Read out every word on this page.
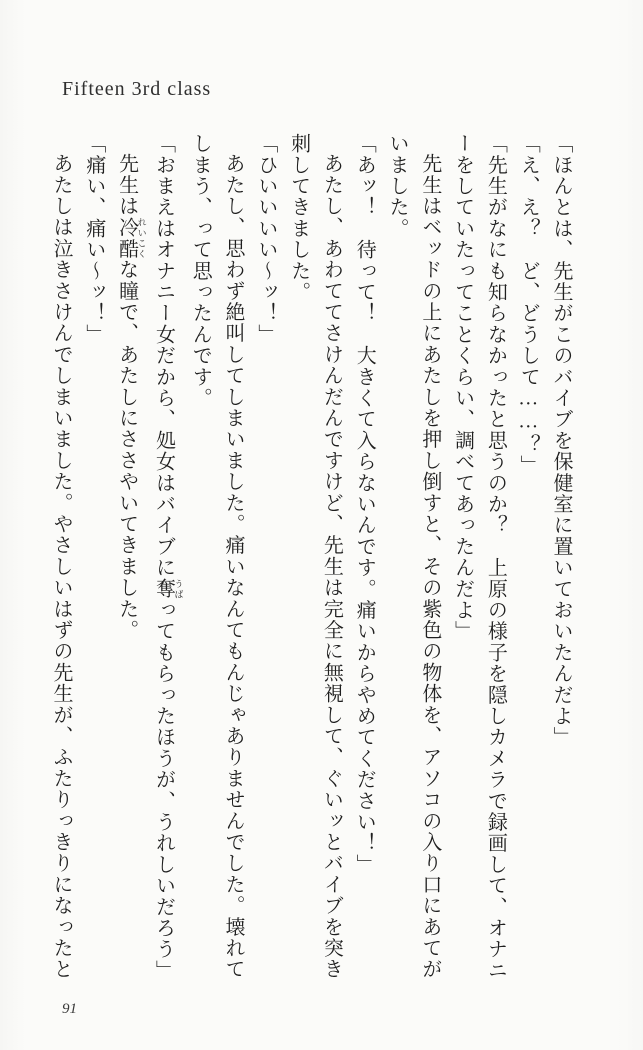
Fifteen 3rd class
「ほんとは、先生がこのバイブを保健室に置いておいたんだよ」
「え、え？　ど、どうして……？」
「先生がなにも知らなかったと思うのか？　上原の様子を隠しカメラで録画して、オナニ
ーをしていたってことくらい、調べてあったんだよ」
先生はベッドの上にあたしを押し倒すと、その紫色の物体を、アソコの入り口にあてが
いました。
「あッ！　待って！　大きくて入らないんです。痛いからやめてください！」
あたし、あわててさけんだんですけど、先生は完全に無視して、ぐいッとバイブを突き
刺してきました。
「ひいいいい〜ッ！」
あたし、思わず絶叫してしまいました。痛いなんてもんじゃありませんでした。壊れて
しまう、って思ったんです。
「おまえはオナニー女だから、処女はバイブに奪 うばってもらったほうが、うれしいだろう」
先生は冷酷 れいこくな瞳で、あたしにささやいてきました。
「痛い、痛い〜ッ！」
あたしは泣きさけんでしまいました。やさしいはずの先生が、ふたりっきりになったと
91
